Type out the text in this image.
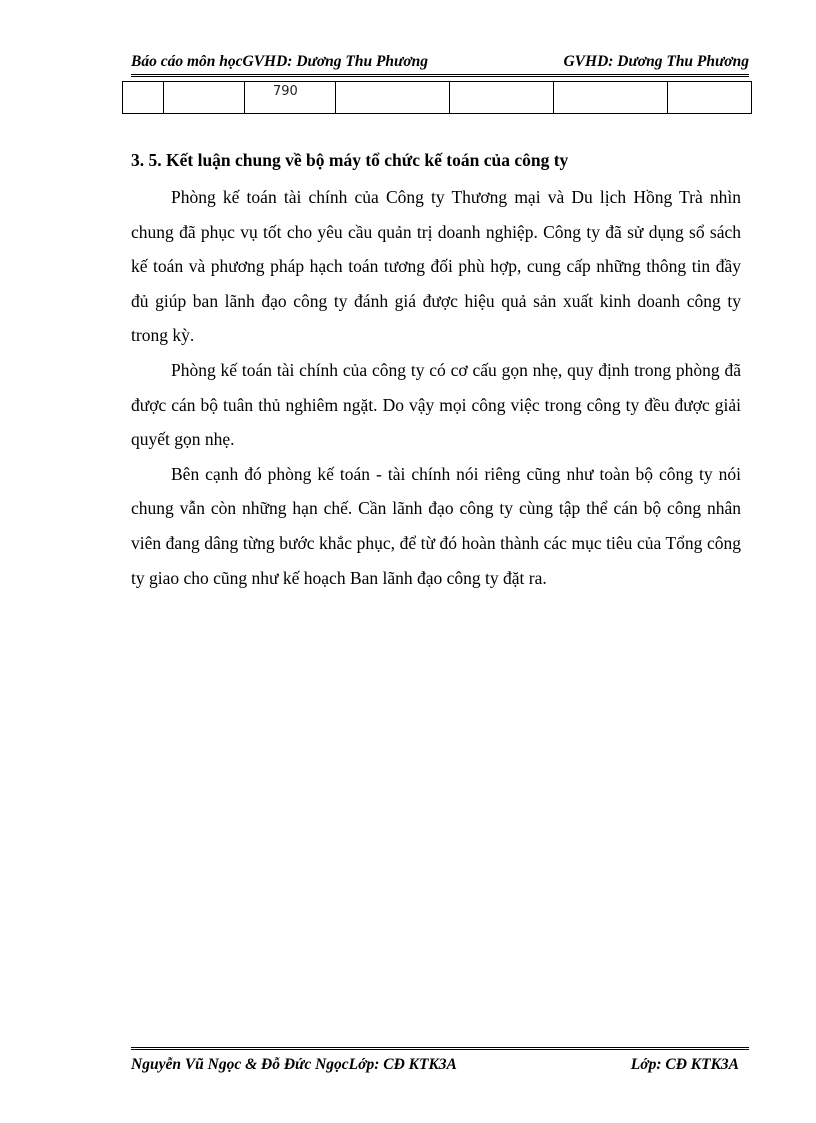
Báo cáo môn họcGVHD: Dương Thu Phương	GVHD: Dương Thu Phương
		790				
3. 5. Kết luận chung về bộ máy tổ chức kế toán của công ty

Phòng kế toán tài chính của Công ty Thương mại và Du lịch Hồng Trà nhìn chung đã phục vụ tốt cho yêu cầu quản trị doanh nghiệp. Công ty đã sử dụng sổ sách kế toán và phương pháp hạch toán tương đối phù hợp, cung cấp những thông tin đầy đủ giúp ban lãnh đạo công ty đánh giá được hiệu quả sản xuất kinh doanh công ty trong kỳ.

Phòng kế toán tài chính của công ty có cơ cấu gọn nhẹ, quy định trong phòng đã được cán bộ tuân thủ nghiêm ngặt. Do vậy mọi công việc trong công ty đều được giải quyết gọn nhẹ.

Bên cạnh đó phòng kế toán - tài chính nói riêng cũng như toàn bộ công ty nói chung vẫn còn những hạn chế. Cần lãnh đạo công ty cùng tập thể cán bộ công nhân viên đang dâng từng bước khắc phục, để từ đó hoàn thành các mục tiêu của Tổng công ty giao cho cũng như kế hoạch Ban lãnh đạo công ty đặt ra.

Nguyễn Vũ Ngọc & Đỗ Đức NgọcLớp: CĐ KTK3A	Lớp: CĐ KTK3A
